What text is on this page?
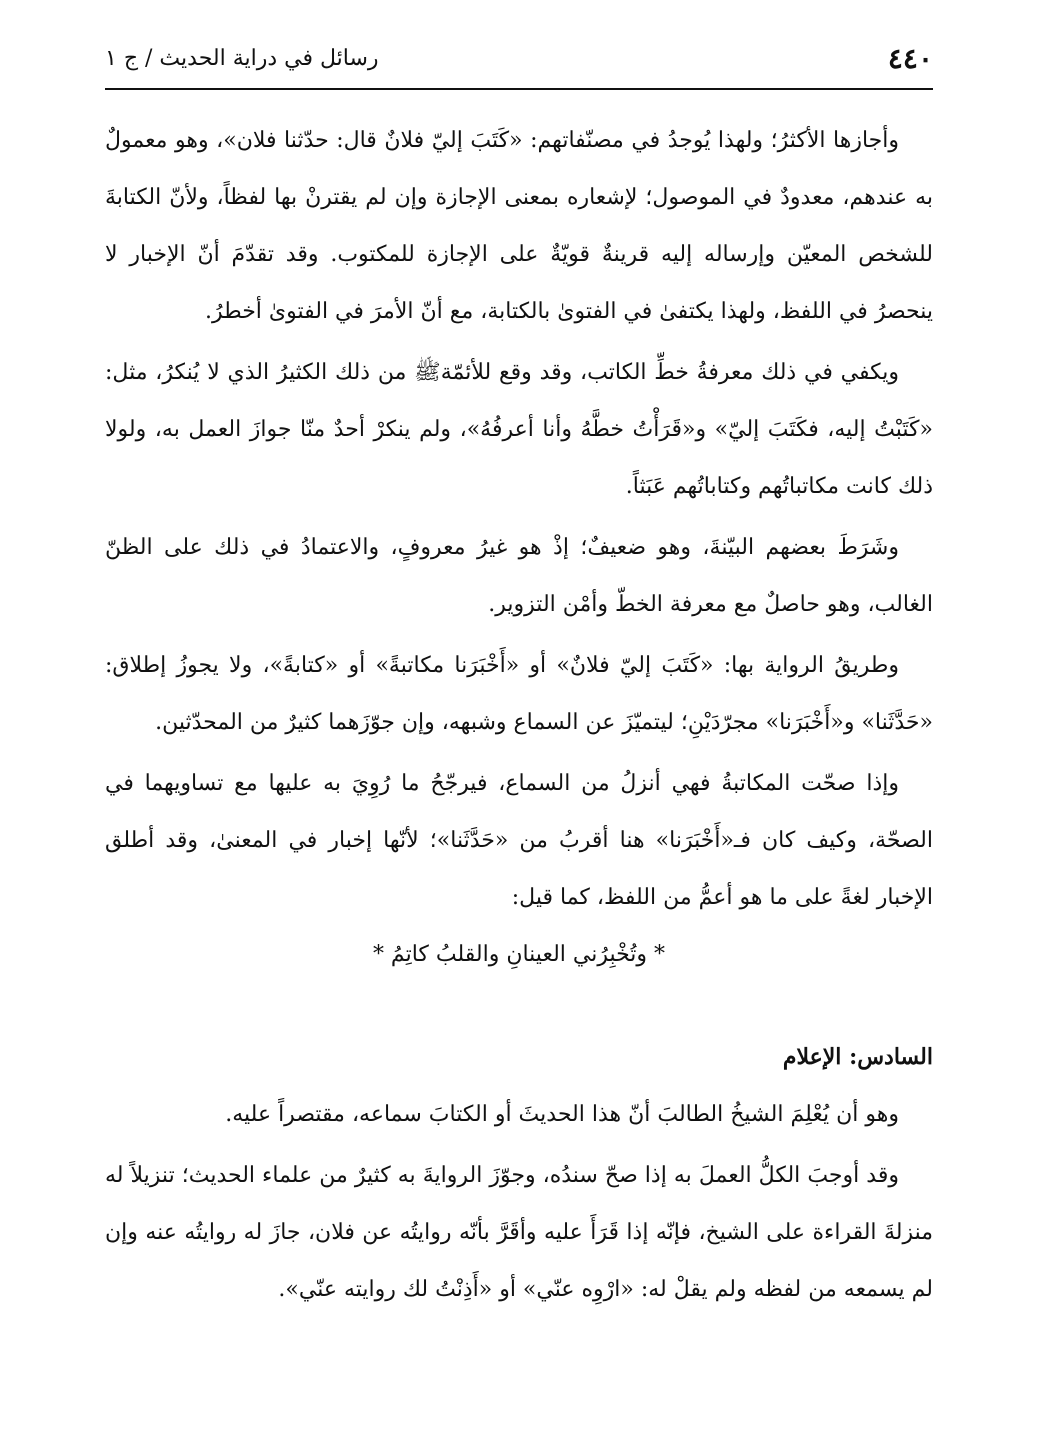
٤٤٠
رسائل في دراية الحديث / ج ١

وأجازها الأكثرُ؛ ولهذا يُوجدُ في مصنّفاتهم: «كَتَبَ إليّ فلانٌ قال: حدّثنا فلان»، وهو معمولٌ به عندهم، معدودٌ في الموصول؛ لإشعاره بمعنى الإجازة وإن لم يقترنْ بها لفظاً، ولأنّ الكتابةَ للشخص المعيّن وإرساله إليه قرينةٌ قويّةٌ على الإجازة للمكتوب. وقد تقدّمَ أنّ الإخبار لا ينحصرُ في اللفظ، ولهذا يكتفىٰ في الفتوىٰ بالكتابة، مع أنّ الأمرَ في الفتوىٰ أخطرُ.

ويكفي في ذلك معرفةُ خطِّ الكاتب، وقد وقع للأئمّةﷺ من ذلك الكثيرُ الذي لا يُنكرُ، مثل: «كَتَبْتُ إليه، فكَتَبَ إليّ» و«قَرَأْتُ خطَّهُ وأنا أعرفُهُ»، ولم ينكرْ أحدٌ منّا جوازَ العمل به، ولولا ذلك كانت مكاتباتُهم وكتاباتُهم عَبَثاً.

وشَرَطَ بعضهم البيّنةَ، وهو ضعيفٌ؛ إذْ هو غيرُ معروفٍ، والاعتمادُ في ذلك على الظنّ الغالب، وهو حاصلٌ مع معرفة الخطّ وأمْن التزوير.

وطريقُ الرواية بها: «كَتَبَ إليّ فلانٌ» أو «أَخْبَرَنا مكاتبةً» أو «كتابةً»، ولا يجوزُ إطلاق: «حَدَّثَنا» و«أَخْبَرَنا» مجرّدَيْنِ؛ ليتميّزَ عن السماع وشبهه، وإن جوّزَهما كثيرٌ من المحدّثين.

وإذا صحّت المكاتبةُ فهي أنزلُ من السماع، فيرجّحُ ما رُوِيَ به عليها مع تساويهما في الصحّة، وكيف كان فـ«أَخْبَرَنا» هنا أقربُ من «حَدَّثَنا»؛ لأنّها إخبار في المعنىٰ، وقد أطلق الإخبار لغةً على ما هو أعمُّ من اللفظ، كما قيل:

* وتُخْبِرُني العينانِ والقلبُ كاتِمُ *

السادس: الإعلام

وهو أن يُعْلِمَ الشيخُ الطالبَ أنّ هذا الحديثَ أو الكتابَ سماعه، مقتصراً عليه.

وقد أوجبَ الكلُّ العملَ به إذا صحّ سندُه، وجوّزَ الروايةَ به كثيرٌ من علماء الحديث؛ تنزيلاً له منزلةَ القراءة على الشيخ، فإنّه إذا قَرَأَ عليه وأقَرَّ بأنّه روايتُه عن فلان، جازَ له روايتُه عنه وإن لم يسمعه من لفظه ولم يقلْ له: «ارْوِه عنّي» أو «أَذِنْتُ لك روايته عنّي».
